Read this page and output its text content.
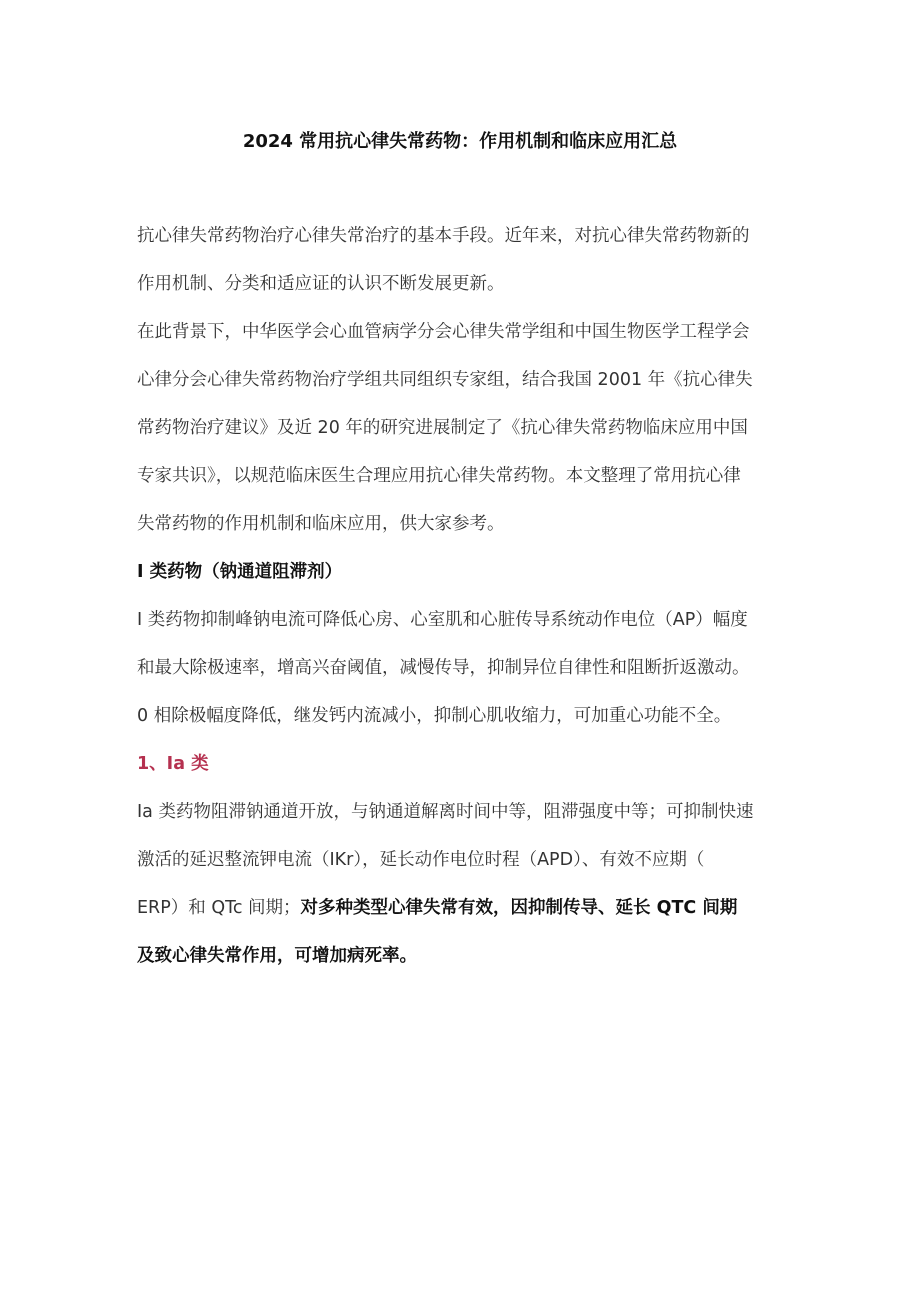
2024 常用抗心律失常药物：作用机制和临床应用汇总

抗心律失常药物治疗心律失常治疗的基本手段。近年来，对抗心律失常药物新的
作用机制、分类和适应证的认识不断发展更新。

在此背景下，中华医学会心血管病学分会心律失常学组和中国生物医学工程学会
心律分会心律失常药物治疗学组共同组织专家组，结合我国 2001 年《抗心律失
常药物治疗建议》及近 20 年的研究进展制定了《抗心律失常药物临床应用中国
专家共识》，以规范临床医生合理应用抗心律失常药物。本文整理了常用抗心律
失常药物的作用机制和临床应用，供大家参考。

I 类药物（钠通道阻滞剂）

I 类药物抑制峰钠电流可降低心房、心室肌和心脏传导系统动作电位（AP）幅度
和最大除极速率，增高兴奋阈值，减慢传导，抑制异位自律性和阻断折返激动。
0 相除极幅度降低，继发钙内流减小，抑制心肌收缩力，可加重心功能不全。

1、Ia 类

Ia 类药物阻滞钠通道开放，与钠通道解离时间中等，阻滞强度中等；可抑制快速
激活的延迟整流钾电流（IKr），延长动作电位时程（APD）、有效不应期（
ERP）和 QTc 间期；对多种类型心律失常有效，因抑制传导、延长 QTC 间期
及致心律失常作用，可增加病死率。
